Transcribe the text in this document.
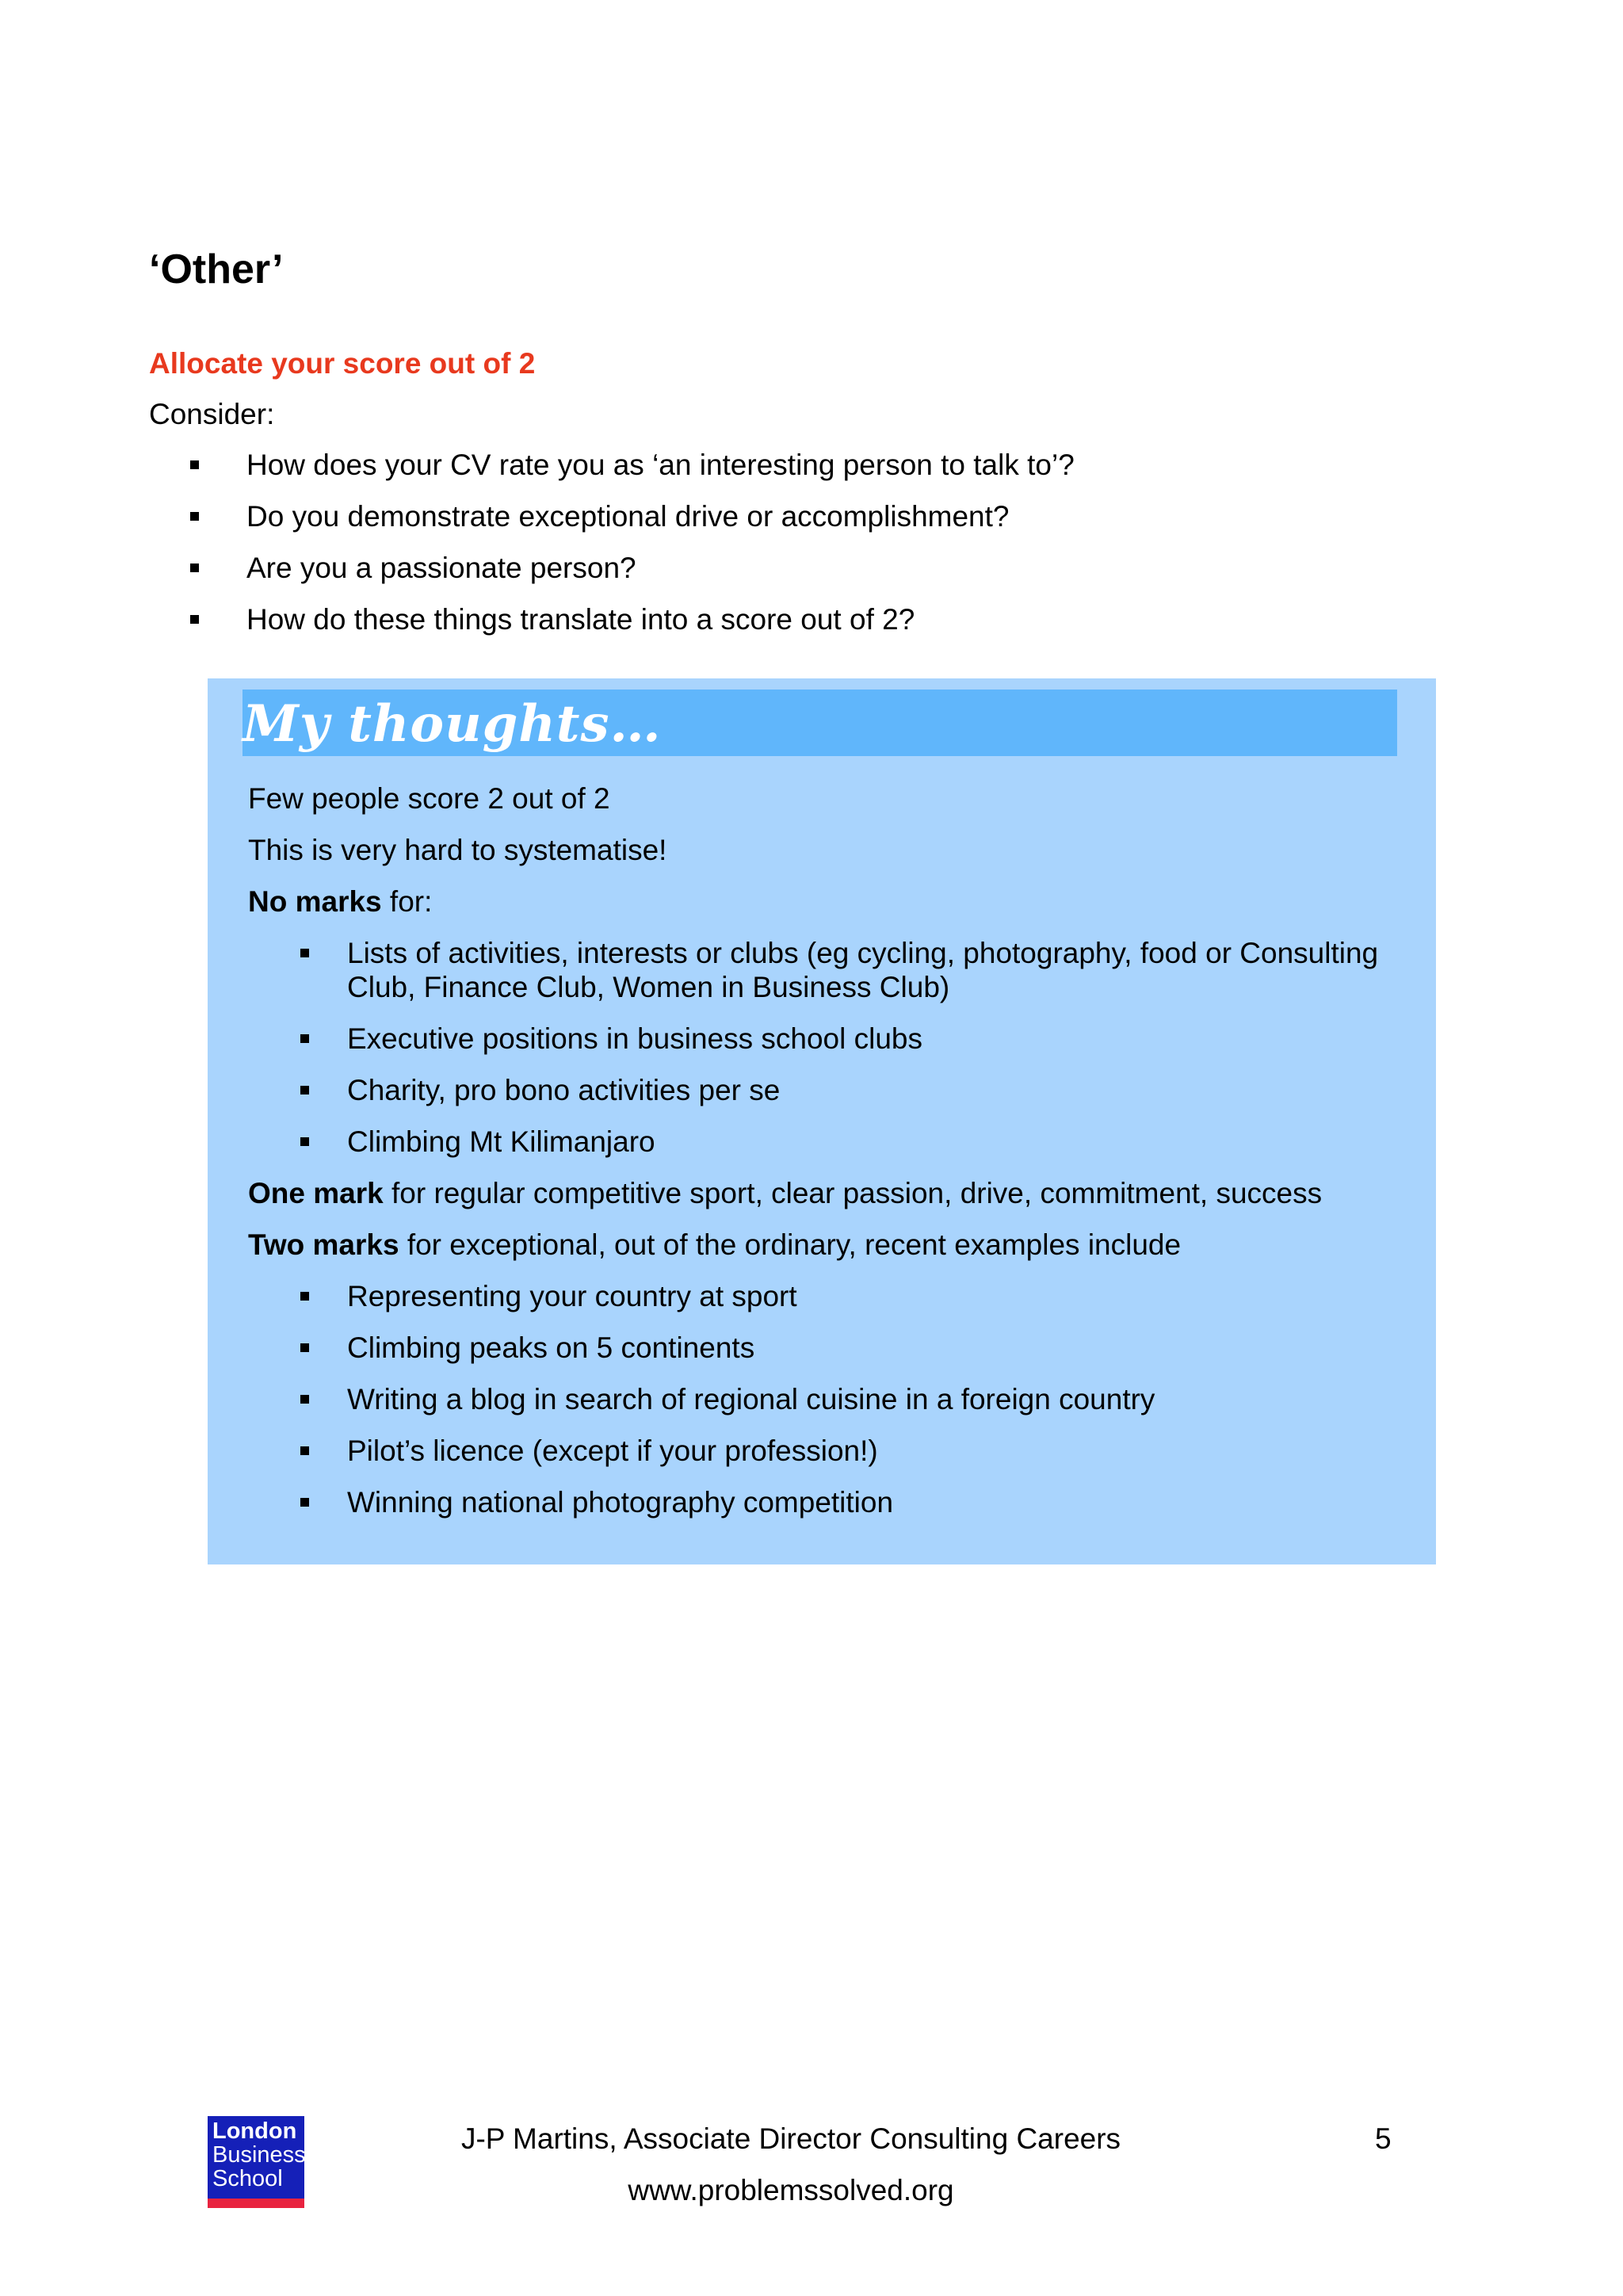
‘Other’
Allocate your score out of 2
Consider:
How does your CV rate you as ‘an interesting person to talk to’?
Do you demonstrate exceptional drive or accomplishment?
Are you a passionate person?
How do these things translate into a score out of 2?
My thoughts…

Few people score 2 out of 2

This is very hard to systematise!

No marks for:

Lists of activities, interests or clubs (eg cycling, photography, food or Consulting Club, Finance Club, Women in Business Club)
Executive positions in business school clubs
Charity, pro bono activities per se
Climbing Mt Kilimanjaro

One mark for regular competitive sport, clear passion, drive, commitment, success

Two marks for exceptional, out of the ordinary, recent examples include

Representing your country at sport
Climbing peaks on 5 continents
Writing a blog in search of regional cuisine in a foreign country
Pilot’s licence (except if your profession!)
Winning national photography competition
London
Business
School
J-P Martins, Associate Director Consulting Careers
www.problemssolved.org
5
